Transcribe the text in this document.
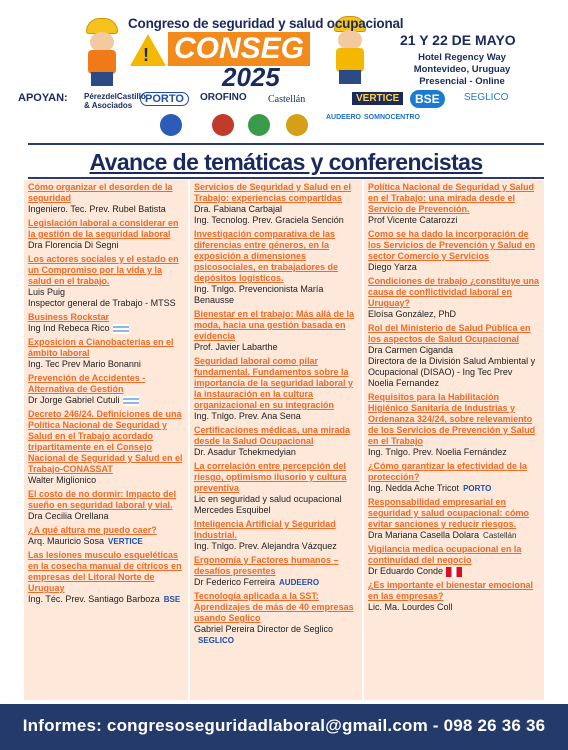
Congreso de seguridad y salud ocupacional
! CONSEG
2025
21 Y 22 DE MAYO
Hotel Regency Way
Montevideo, Uruguay
Presencial - Online
APOYAN: PérezdelCastillo & Asociados
PORTO	OROFINO Castellán	VERTICE	BSE	SEGLICO
AUDEERO SOMNOCENTRO
Avance de temáticas y conferencistas
Cómo organizar el desorden de la seguridad
Ingeniero. Tec. Prev. Rubel Batista
Legislación laboral a considerar en la gestión de la seguridad laboral
Dra Florencia Di Segni
Los actores sociales y el estado en un Compromiso por la vida y la salud en el trabajo.
Luis Puig
Inspector general de Trabajo - MTSS
Business Rockstar
Ing Ind Rebeca Rico
Exposicion a Cianobacterias en el ámbito laboral
Ing. Tec Prev Mario Bonanni
Prevención de Accidentes - Alternativa de Gestión
Dr Jorge Gabriel Cutuli
Decreto 246/24. Definiciones de una Política Nacional de Seguridad y Salud en el Trabajo acordado tripartitamente en el Consejo Nacional de Seguridad y Salud en el Trabajo-CONASSAT
Walter Miglionico
El costo de no dormir: Impacto del sueño en seguridad laboral y vial.
Dra Cecilia Orellana
¿A qué altura me puedo caer?
Arq. Mauricio Sosa VERTICE
Las lesiones musculo esqueléticas en la cosecha manual de cítricos en empresas del Litoral Norte de Uruguay
Ing. Téc. Prev. Santiago Barboza BSE
Servicios de Seguridad y Salud en el Trabajo: experiencias compartidas
Dra. Fabiana Carbajal
Ing. Tecnolog. Prev. Graciela Sención
Investigación comparativa de las diferencias entre géneros, en la exposición a dimensiones psicosociales, en trabajadores de depósitos logísticos.
Ing. Tnlgo. Prevencionista María Benausse
Bienestar en el trabajo: Más allá de la moda, hacia una gestión basada en evidencia
Prof. Javier Labarthe
Seguridad laboral como pilar fundamental. Fundamentos sobre la importancia de la seguridad laboral y la instauración en la cultura organizacional en su integración
Ing. Tnlgo. Prev. Ana Sena
Certificaciones médicas, una mirada desde la Salud Ocupacional
Dr. Asadur Tchekmedyian
La correlación entre percepción del riesgo, optimismo ilusorio y cultura preventiva
Lic en seguridad y salud ocupacional Mercedes Esquibel
Inteligencia Artificial y Seguridad Industrial.
Ing. Tnlgo. Prev. Alejandra Vázquez
Ergonomía y Factores humanos – desafíos presentes
Dr Federico Ferreira AUDEERO
Tecnología aplicada a la SST: Aprendizajes de más de 40 empresas usando Seglico
Gabriel Pereira Director de SeglicoSEGLICO
Política Nacional de Seguridad y Salud en el Trabajo: una mirada desde el Servicio de Prevención.
Prof Vicente Catarozzi
Como se ha dado la incorporación de los Servicios de Prevención y Salud en sector Comercio y Servicios
Diego Yarza
Condiciones de trabajo ¿constituye una causa de conflictividad laboral en Uruguay?
Eloísa González, PhD
Rol del Ministerio de Salud Pública en los aspectos de Salud Ocupacional
Dra Carmen Ciganda
Directora de la División Salud Ambiental y Ocupacional (DISAO) - Ing Tec Prev Noelia Fernandez
Requisitos para la Habilitación Higiénico Sanitaria de Industrias y Ordenanza 324/24, sobre relevamiento de los Servicios de Prevención y Salud en el Trabajo
Ing. Tnlgo. Prev. Noelia Fernández
¿Cómo garantizar la efectividad de la protección?
Ing. Nedda Ache Tricot PORTO
Responsabilidad empresarial en seguridad y salud ocupacional: cómo evitar sanciones y reducir riesgos.
Dra Mariana Casella Dolara Castellán
Vigilancia medica ocupacional en la continuidad del negocio
Dr Eduardo Conde
¿Es importante el bienestar emocional en las empresas?
Lic. Ma. Lourdes Coll
Informes: congresoseguridadlaboral@gmail.com - 098 26 36 36
